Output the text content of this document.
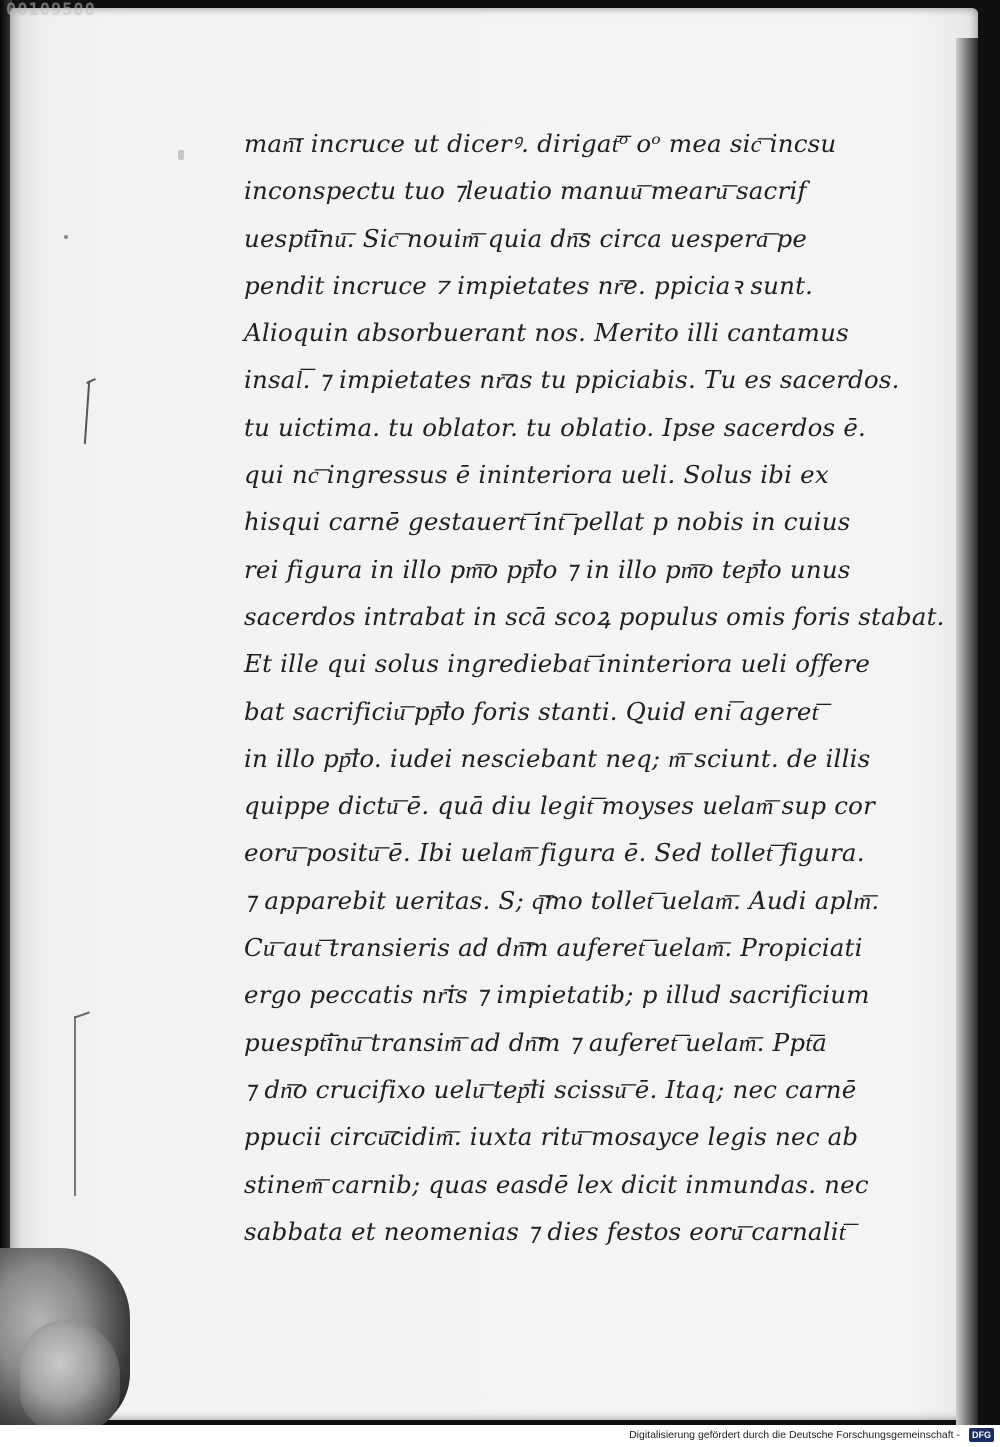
00109500
man͞ı incruce ut dicerꝰ. dirigat͞ᵒ oᵒ mea sic͞ incsu
inconspectu tuo ⁊leuatio manuu͞ mearu͞ sacrif
uespt͞inu͞. Sic͞ nouim͞ quia dn͞s circa uespera͞ pe
pendit incruce ⁊ impietates nr͞e. ppiciaꝛ sunt.
Alioquin absorbuerant nos. Merito illi cantamus
insal͞. ⁊ impietates nr͞as tu ppiciabis. Tu es sacerdos.
tu uictima. tu oblator. tu oblatio. Ipse sacerdos ē.
qui nc͞ ingressus ē ininteriora ueli. Solus ibi ex
hisqui carnē gestauert͞ int͞ pellat p nobis in cuius
rei figura in illo pm͞o pp͞lo ⁊ in illo pm͞o tep͞lo unus
sacerdos intrabat in scā scoꝝ populus omis foris stabat.
Et ille qui solus ingrediebat͞ ininteriora ueli offere
bat sacrificiu͞ pp͞lo foris stanti. Quid eni͞ ageret͞
in illo pp͞lo. iudei nesciebant neq; m͞ sciunt. de illis
quippe dictu͞ ē. quā diu legit͞ moyses uelam͞ sup cor
eoru͞ positu͞ ē. Ibi uelam͞ figura ē. Sed tollet͞ figura.
⁊ apparebit ueritas. S; q͞mo tollet͞ uelam͞. Audi aplm͞.
Cu͞ aut͞ transieris ad dn͞m auferet͞ uelam͞. Propiciati
ergo peccatis nr͞is ⁊ impietatib; p illud sacrificium
puespt͞inu͞ transim͞ ad dn͞m ⁊ auferet͞ uelam͞. Ppt͞a
⁊ dn͞o crucifixo uelu͞ tep͞li scissu͞ ē. Itaq; nec carnē
ppucii circu͞cidim͞. iuxta ritu͞ mosayce legis nec ab
stinem͞ carnib; quas easdē lex dicit inmundas. nec
sabbata et neomenias ⁊ dies festos eoru͞ carnalit͞
Digitalisierung gefördert durch die Deutsche Forschungsgemeinschaft -	DFG
